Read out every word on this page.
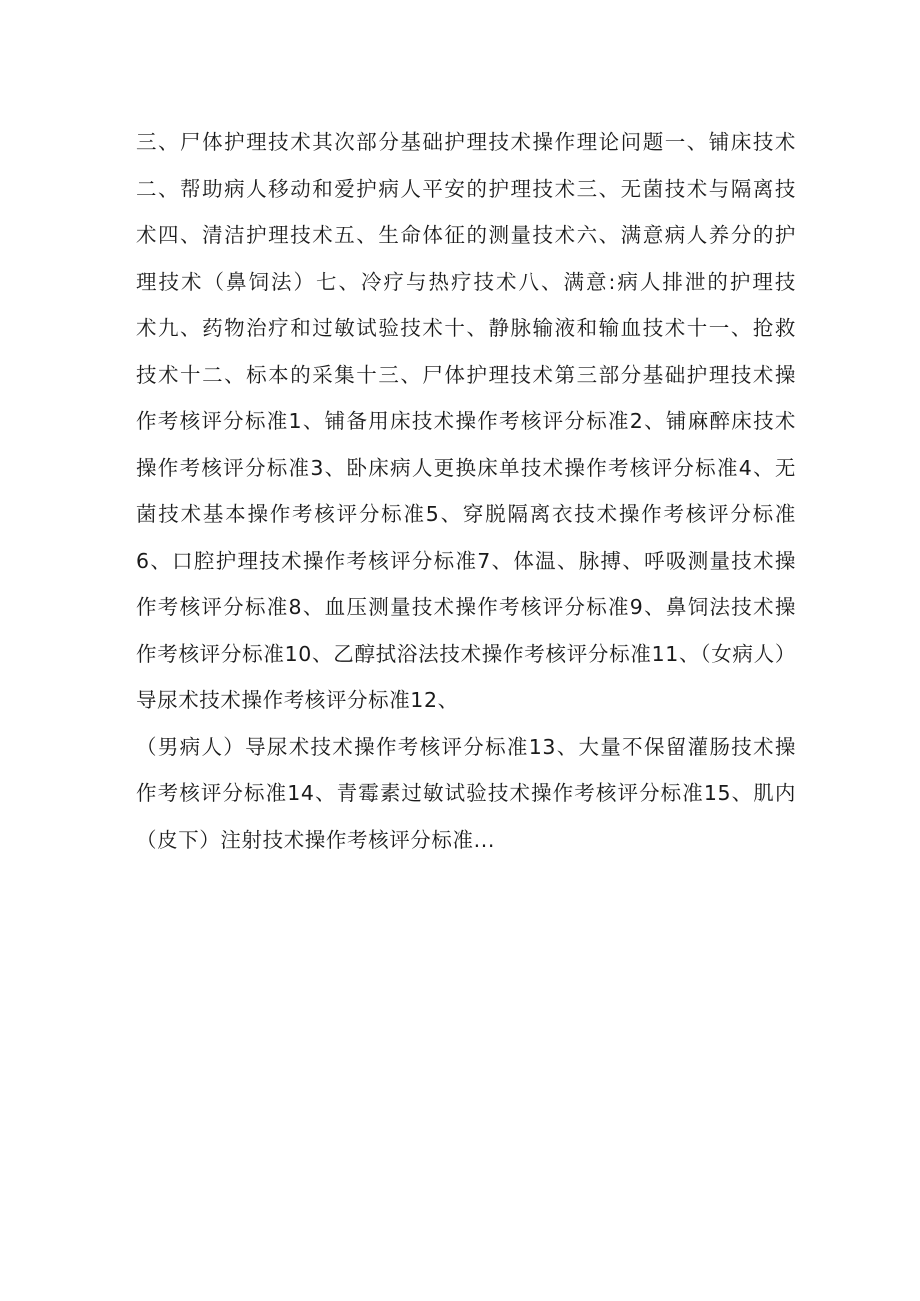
三、尸体护理技术其次部分基础护理技术操作理论问题一、铺床技术
二、帮助病人移动和爱护病人平安的护理技术三、无菌技术与隔离技
术四、清洁护理技术五、生命体征的测量技术六、满意病人养分的护
理技术（鼻饲法）七、冷疗与热疗技术八、满意:病人排泄的护理技
术九、药物治疗和过敏试验技术十、静脉输液和输血技术十一、抢救
技术十二、标本的采集十三、尸体护理技术第三部分基础护理技术操
作考核评分标准1、铺备用床技术操作考核评分标准2、铺麻醉床技术
操作考核评分标准3、卧床病人更换床单技术操作考核评分标准4、无
菌技术基本操作考核评分标准5、穿脱隔离衣技术操作考核评分标准
6、口腔护理技术操作考核评分标准7、体温、脉搏、呼吸测量技术操
作考核评分标准8、血压测量技术操作考核评分标准9、鼻饲法技术操
作考核评分标准10、乙醇拭浴法技术操作考核评分标准11、（女病人）
导尿术技术操作考核评分标准12、
（男病人）导尿术技术操作考核评分标准13、大量不保留灌肠技术操
作考核评分标准14、青霉素过敏试验技术操作考核评分标准15、肌内
（皮下）注射技术操作考核评分标准...
